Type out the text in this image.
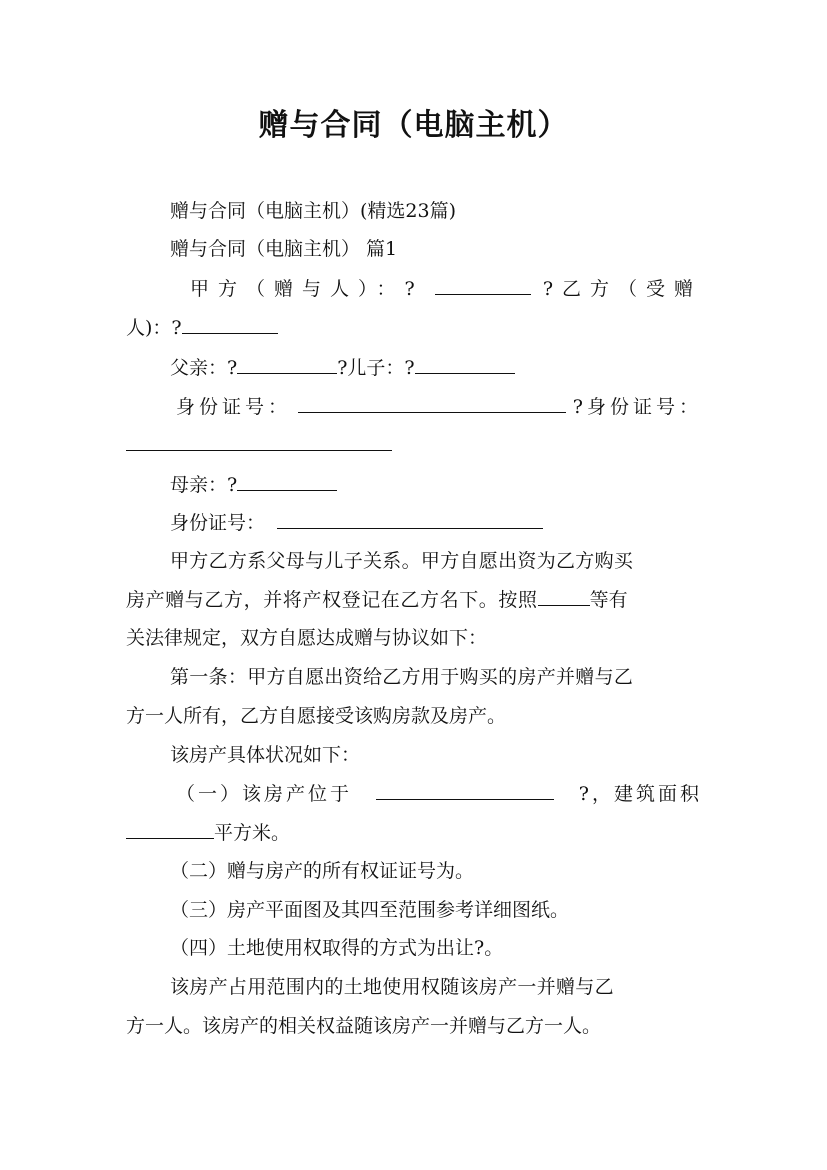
赠与合同（电脑主机）
赠与合同（电脑主机）(精选23篇)
赠与合同（电脑主机） 篇1
甲方（赠与人）：?	?乙方（受赠
人)：?
父亲：?	?儿子：?
身份证号：	?身份证号：
母亲：?
身份证号：
甲方乙方系父母与儿子关系。甲方自愿出资为乙方购买
房产赠与乙方，并将产权登记在乙方名下。按照	等有
关法律规定，双方自愿达成赠与协议如下：
第一条：甲方自愿出资给乙方用于购买的房产并赠与乙
方一人所有，乙方自愿接受该购房款及房产。
该房产具体状况如下：
（一）该房产位于	?，建筑面积
平方米。
（二）赠与房产的所有权证证号为。
（三）房产平面图及其四至范围参考详细图纸。
（四）土地使用权取得的方式为出让?。
该房产占用范围内的土地使用权随该房产一并赠与乙
方一人。该房产的相关权益随该房产一并赠与乙方一人。
